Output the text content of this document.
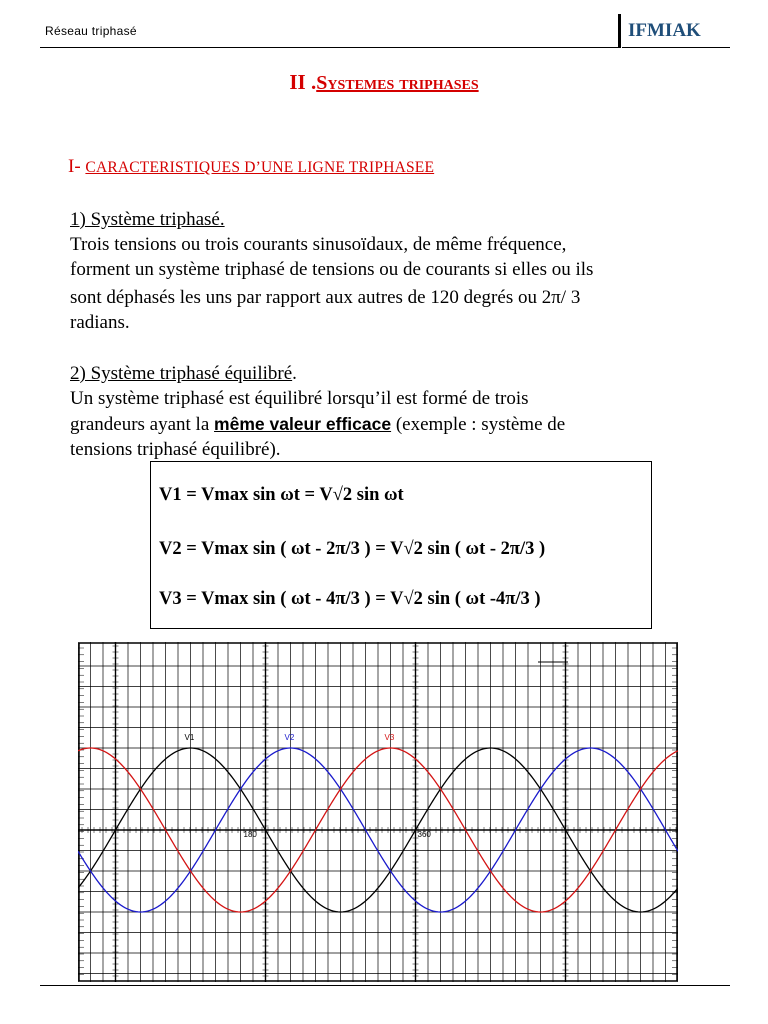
Réseau triphasé	IFMIAK
II .Systemes triphases
I- CARACTERISTIQUES D’UNE LIGNE TRIPHASEE
1) Système triphasé.
Trois tensions ou trois courants sinusoïdaux, de même fréquence,
forment un système triphasé de tensions ou de courants si elles ou ils
sont déphasés les uns par rapport aux autres de 120 degrés ou 2π/ 3
radians.
2) Système triphasé équilibré.
Un système triphasé est équilibré lorsqu’il est formé de trois
grandeurs ayant la même valeur efficace (exemple : système de
tensions triphasé équilibré).
V1 = Vmax sin ωt = V√2 sin ωt
V2 = Vmax sin ( ωt - 2π/3 ) = V√2 sin ( ωt - 2π/3 )
V3 = Vmax sin ( ωt - 4π/3 ) = V√2 sin ( ωt -4π/3 )
V1	V2	V3
180	360
